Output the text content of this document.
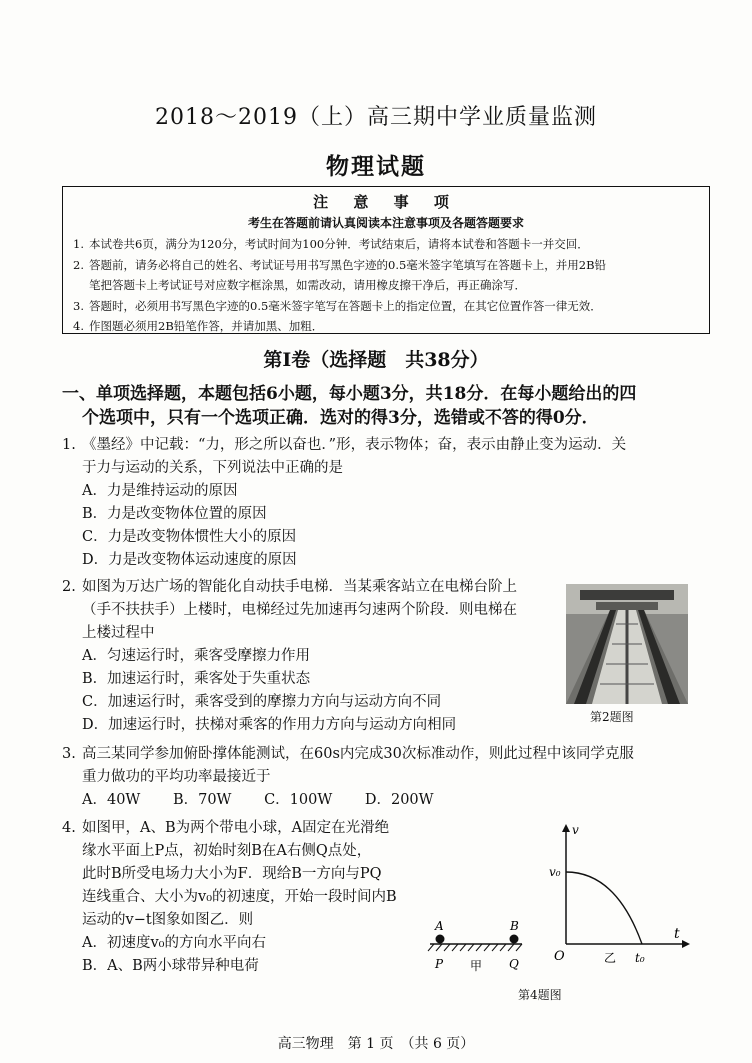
2018～2019（上）高三期中学业质量监测
物理试题
注 意 事 项
考生在答题前请认真阅读本注意事项及各题答题要求
1. 本试卷共6页，满分为120分，考试时间为100分钟．考试结束后，请将本试卷和答题卡一并交回．
2. 答题前，请务必将自己的姓名、考试证号用书写黑色字迹的0.5毫米签字笔填写在答题卡上，并用2B铅
笔把答题卡上考试证号对应数字框涂黑，如需改动，请用橡皮擦干净后，再正确涂写．
3. 答题时，必须用书写黑色字迹的0.5毫米签字笔写在答题卡上的指定位置，在其它位置作答一律无效．
4. 作图题必须用2B铅笔作答，并请加黑、加粗．
第Ⅰ卷（选择题　共38分）
一、单项选择题，本题包括6小题，每小题3分，共18分．在每小题给出的四
个选项中，只有一个选项正确．选对的得3分，选错或不答的得0分．
1. 《墨经》中记载：“力，形之所以奋也．”形，表示物体；奋，表示由静止变为运动．关
于力与运动的关系，下列说法中正确的是
A．力是维持运动的原因
B．力是改变物体位置的原因
C．力是改变物体惯性大小的原因
D．力是改变物体运动速度的原因
2. 如图为万达广场的智能化自动扶手电梯．当某乘客站立在电梯台阶上
（手不扶扶手）上楼时，电梯经过先加速再匀速两个阶段．则电梯在
上楼过程中
A．匀速运行时，乘客受摩擦力作用
B．加速运行时，乘客处于失重状态
C．加速运行时，乘客受到的摩擦力方向与运动方向不同
D．加速运行时，扶梯对乘客的作用力方向与运动方向相同	第2题图
3. 高三某同学参加俯卧撑体能测试，在60s内完成30次标准动作，则此过程中该同学克服
重力做功的平均功率最接近于
A．40W B．70W C．100W D．200W
4. 如图甲，A、B为两个带电小球，A固定在光滑绝
缘水平面上P点，初始时刻B在A右侧Q点处，
此时B所受电场力大小为F．现给B一方向与PQ
连线重合、大小为v₀的初速度，开始一段时间内B
运动的v−t图象如图乙．则
A．初速度v₀的方向水平向右
B．A、B两小球带异种电荷
A	B
P	Q
甲
v
t
O
v₀
t₀
乙
第4题图
高三物理　第 1 页　（共 6 页）
